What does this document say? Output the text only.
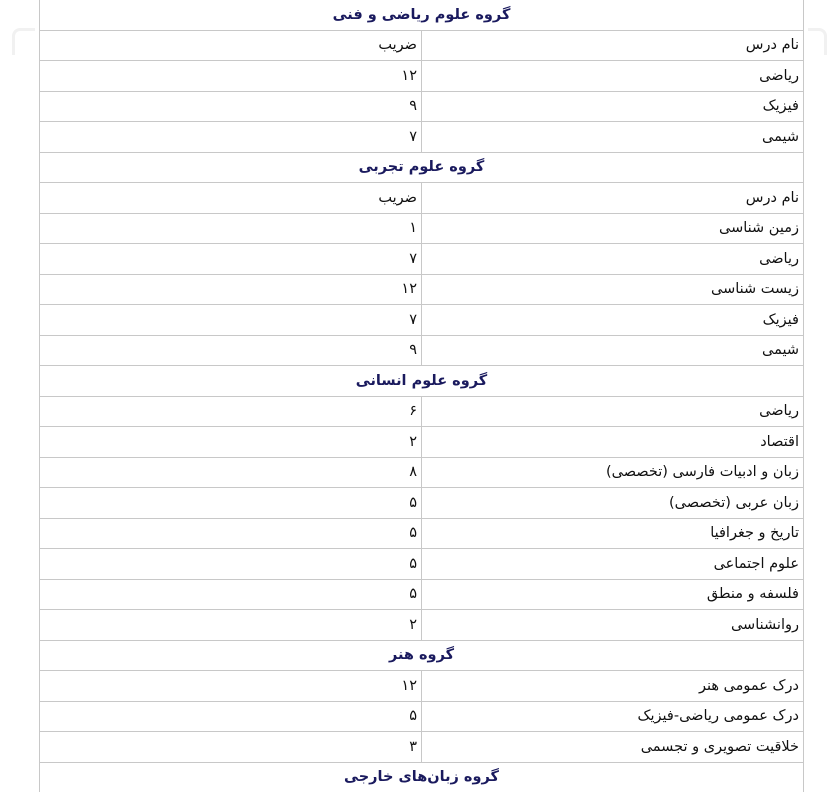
گروه علوم ریاضی و فنی	
نام درس	ضریب
ریاضی	۱۲
فیزیک	۹
شیمی	۷
گروه علوم تجربی	
نام درس	ضریب
زمین شناسی	۱
ریاضی	۷
زیست شناسی	۱۲
فیزیک	۷
شیمی	۹
گروه علوم انسانی	
ریاضی	۶
اقتصاد	۲
زبان و ادبیات فارسی (تخصصی)	۸
زبان عربی (تخصصی)	۵
تاریخ و جغرافیا	۵
علوم اجتماعی	۵
فلسفه و منطق	۵
روانشناسی	۲
گروه هنر	
درک عمومی هنر	۱۲
درک عمومی ریاضی-فیزیک	۵
خلاقیت تصویری و تجسمی	۳
گروه زبان‌های خارجی	
